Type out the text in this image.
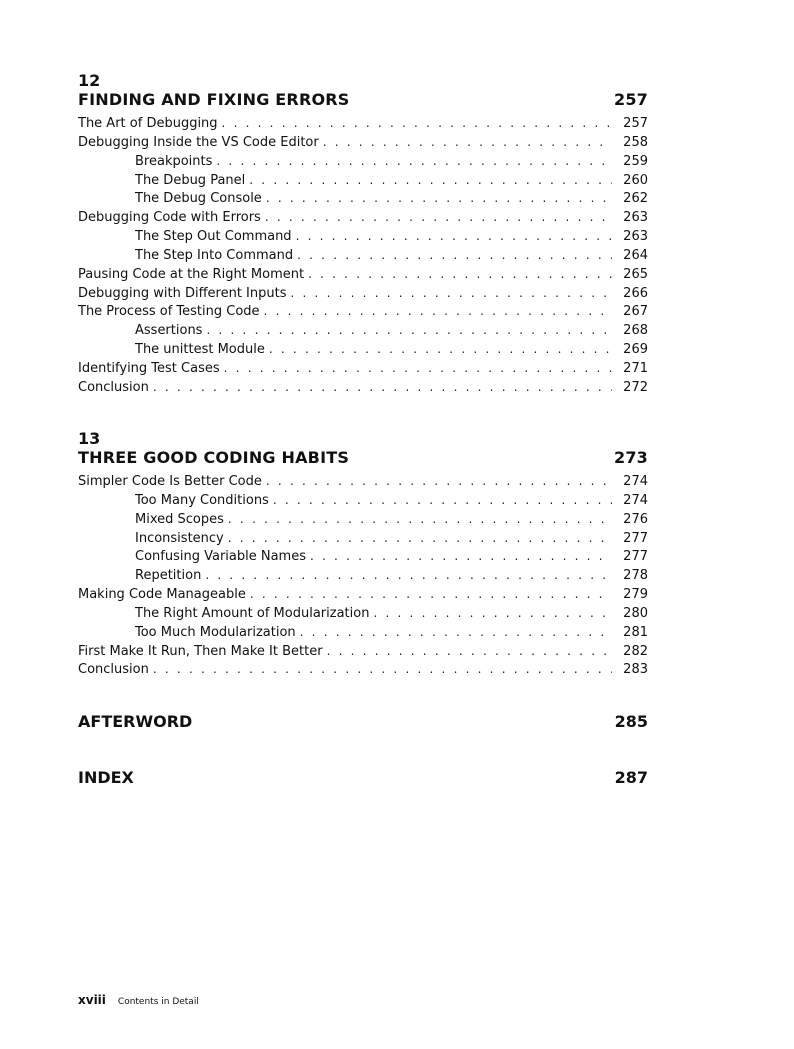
12
FINDING AND FIXING ERRORS	257
The Art of Debugging . . .	257
Debugging Inside the VS Code Editor . . .	258
Breakpoints . . .	259
The Debug Panel . . .	260
The Debug Console . . .	262
Debugging Code with Errors . . .	263
The Step Out Command . . .	263
The Step Into Command . . .	264
Pausing Code at the Right Moment . . .	265
Debugging with Different Inputs . . .	266
The Process of Testing Code . . .	267
Assertions . . .	268
The unittest Module . . .	269
Identifying Test Cases . . .	271
Conclusion . . .	272
13
THREE GOOD CODING HABITS	273
Simpler Code Is Better Code . . .	274
Too Many Conditions . . .	274
Mixed Scopes . . .	276
Inconsistency . . .	277
Confusing Variable Names . . .	277
Repetition . . .	278
Making Code Manageable . . .	279
The Right Amount of Modularization . . .	280
Too Much Modularization . . .	281
First Make It Run, Then Make It Better . . .	282
Conclusion . . .	283
AFTERWORD	285
INDEX	287
xviii Contents in Detail
